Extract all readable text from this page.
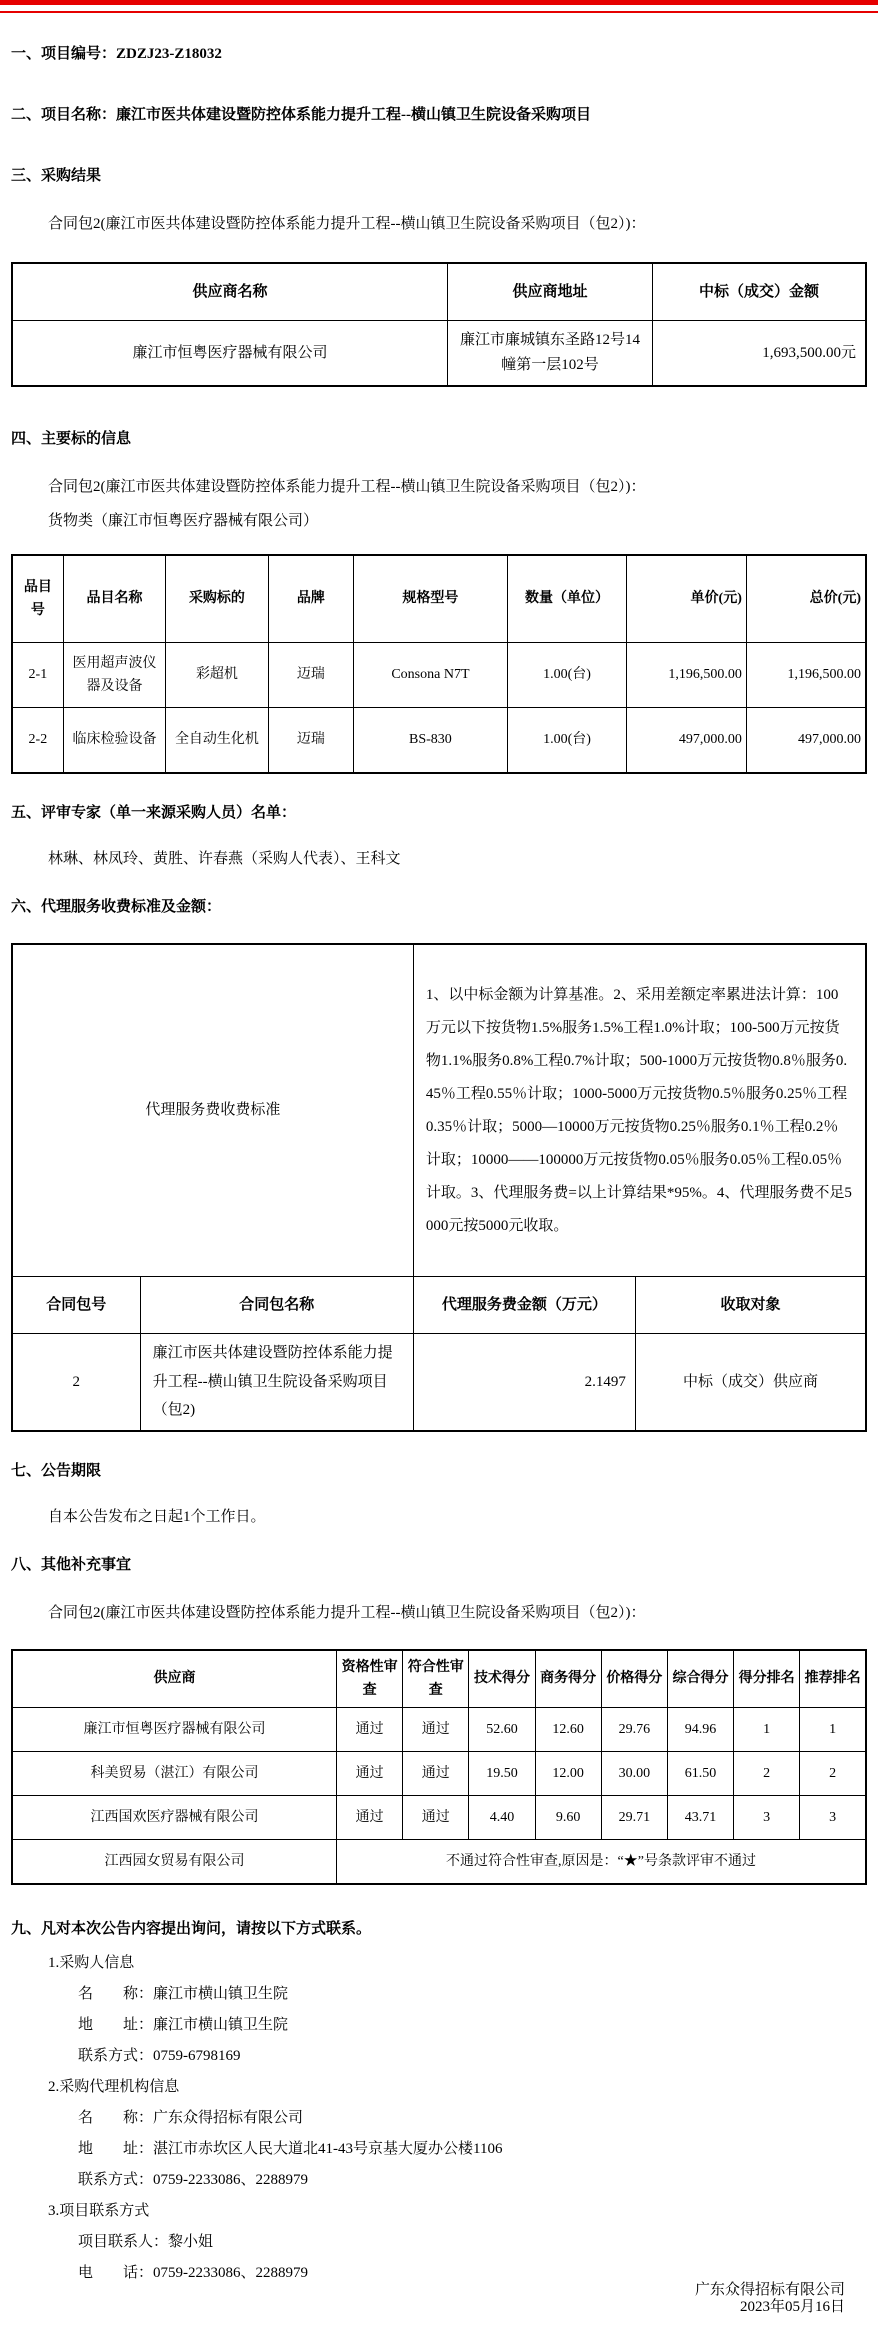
一、项目编号：ZDZJ23-Z18032

二、项目名称：廉江市医共体建设暨防控体系能力提升工程--横山镇卫生院设备采购项目

三、采购结果

合同包2(廉江市医共体建设暨防控体系能力提升工程--横山镇卫生院设备采购项目（包2）)：

供应商名称	供应商地址	中标（成交）金额
廉江市恒粤医疗器械有限公司	廉江市廉城镇东圣路12号14幢第一层102号	1,693,500.00元

四、主要标的信息

合同包2(廉江市医共体建设暨防控体系能力提升工程--横山镇卫生院设备采购项目（包2）)：

货物类（廉江市恒粤医疗器械有限公司）

品目号	品目名称	采购标的	品牌	规格型号	数量（单位）	单价(元)	总价(元)
2-1	医用超声波仪器及设备	彩超机	迈瑞	Consona N7T	1.00(台)	1,196,500.00	1,196,500.00
2-2	临床检验设备	全自动生化机	迈瑞	BS-830	1.00(台)	497,000.00	497,000.00

五、评审专家（单一来源采购人员）名单：

林琳、林凤玲、黄胜、许春燕（采购人代表）、王科文

六、代理服务收费标准及金额：

代理服务费收费标准		1、以中标金额为计算基准。2、采用差额定率累进法计算：100万元以下按货物1.5%服务1.5%工程1.0%计取；100-500万元按货物1.1%服务0.8%工程0.7%计取；500-1000万元按货物0.8％服务0.45％工程0.55％计取；1000-5000万元按货物0.5％服务0.25％工程0.35％计取；5000—10000万元按货物0.25％服务0.1％工程0.2％计取；10000——100000万元按货物0.05％服务0.05％工程0.05％计取。3、代理服务费=以上计算结果*95%。4、代理服务费不足5000元按5000元收取。	
合同包号	合同包名称	代理服务费金额（万元）	收取对象
2	廉江市医共体建设暨防控体系能力提升工程--横山镇卫生院设备采购项目（包2)	2.1497	中标（成交）供应商

七、公告期限

自本公告发布之日起1个工作日。

八、其他补充事宜

合同包2(廉江市医共体建设暨防控体系能力提升工程--横山镇卫生院设备采购项目（包2）)：

供应商	资格性审查	符合性审查	技术得分	商务得分	价格得分	综合得分	得分排名	推荐排名
廉江市恒粤医疗器械有限公司	通过	通过	52.60	12.60	29.76	94.96	1	1
科美贸易（湛江）有限公司	通过	通过	19.50	12.00	30.00	61.50	2	2
江西国欢医疗器械有限公司	通过	通过	4.40	9.60	29.71	43.71	3	3
江西园女贸易有限公司	不通过符合性审查,原因是：“★”号条款评审不通过							

九、凡对本次公告内容提出询问，请按以下方式联系。

1.采购人信息

名　　称：廉江市横山镇卫生院

地　　址：廉江市横山镇卫生院

联系方式：0759-6798169

2.采购代理机构信息

名　　称：广东众得招标有限公司

地　　址：湛江市赤坎区人民大道北41-43号京基大厦办公楼1106

联系方式：0759-2233086、2288979

3.项目联系方式

项目联系人：黎小姐

电　　话：0759-2233086、2288979

广东众得招标有限公司

2023年05月16日
